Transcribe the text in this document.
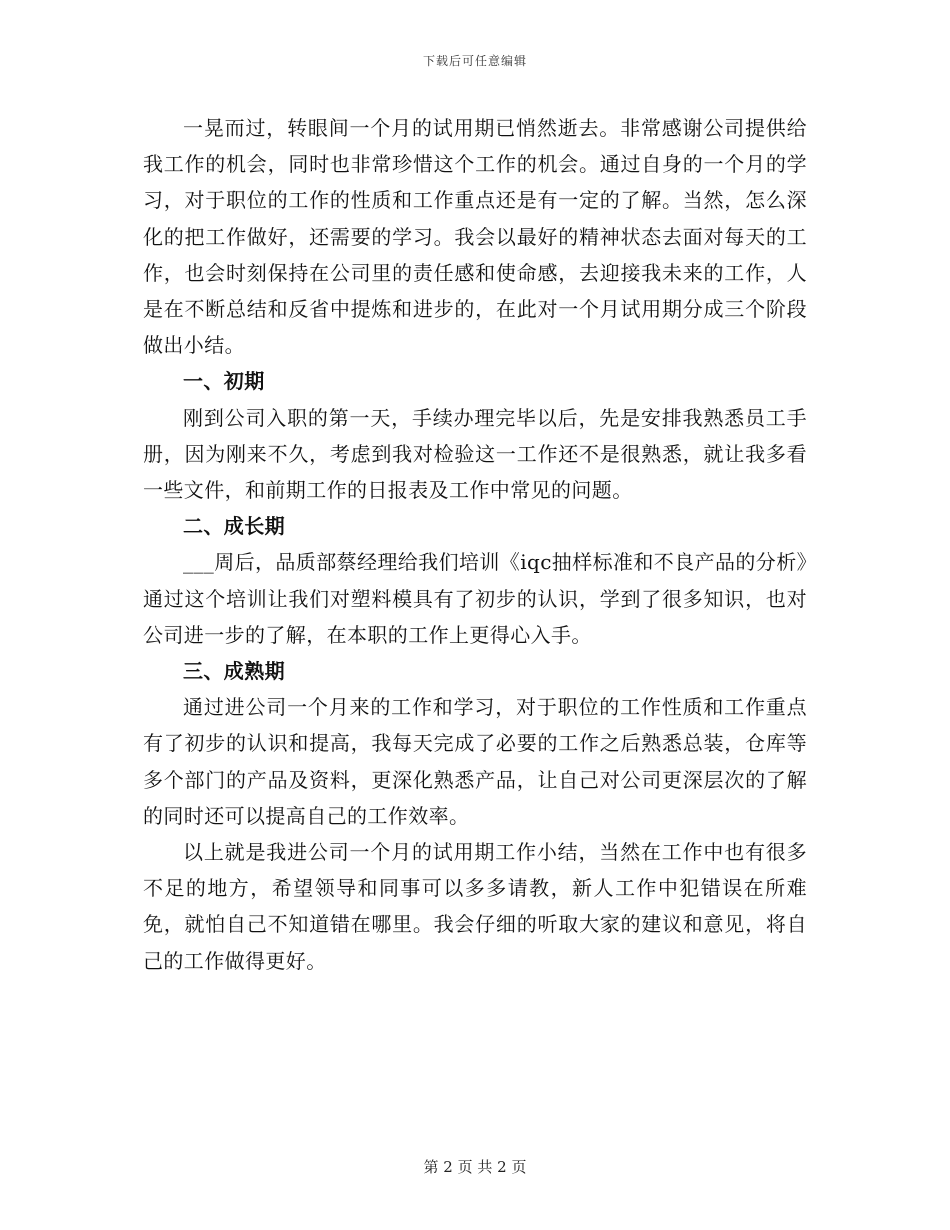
下载后可任意编辑

一晃而过，转眼间一个月的试用期已悄然逝去。非常感谢公司提供给我工作的机会，同时也非常珍惜这个工作的机会。通过自身的一个月的学习，对于职位的工作的性质和工作重点还是有一定的了解。当然，怎么深化的把工作做好，还需要的学习。我会以最好的精神状态去面对每天的工作，也会时刻保持在公司里的责任感和使命感，去迎接我未来的工作，人是在不断总结和反省中提炼和进步的，在此对一个月试用期分成三个阶段做出小结。

一、初期

刚到公司入职的第一天，手续办理完毕以后，先是安排我熟悉员工手册，因为刚来不久，考虑到我对检验这一工作还不是很熟悉，就让我多看一些文件，和前期工作的日报表及工作中常见的问题。

二、成长期

___周后，品质部蔡经理给我们培训《iqc抽样标准和不良产品的分析》通过这个培训让我们对塑料模具有了初步的认识，学到了很多知识，也对公司进一步的了解，在本职的工作上更得心入手。

三、成熟期

通过进公司一个月来的工作和学习，对于职位的工作性质和工作重点有了初步的认识和提高，我每天完成了必要的工作之后熟悉总装，仓库等多个部门的产品及资料，更深化熟悉产品，让自己对公司更深层次的了解的同时还可以提高自己的工作效率。

以上就是我进公司一个月的试用期工作小结，当然在工作中也有很多不足的地方，希望领导和同事可以多多请教，新人工作中犯错误在所难免，就怕自己不知道错在哪里。我会仔细的听取大家的建议和意见，将自己的工作做得更好。

第 2 页 共 2 页
